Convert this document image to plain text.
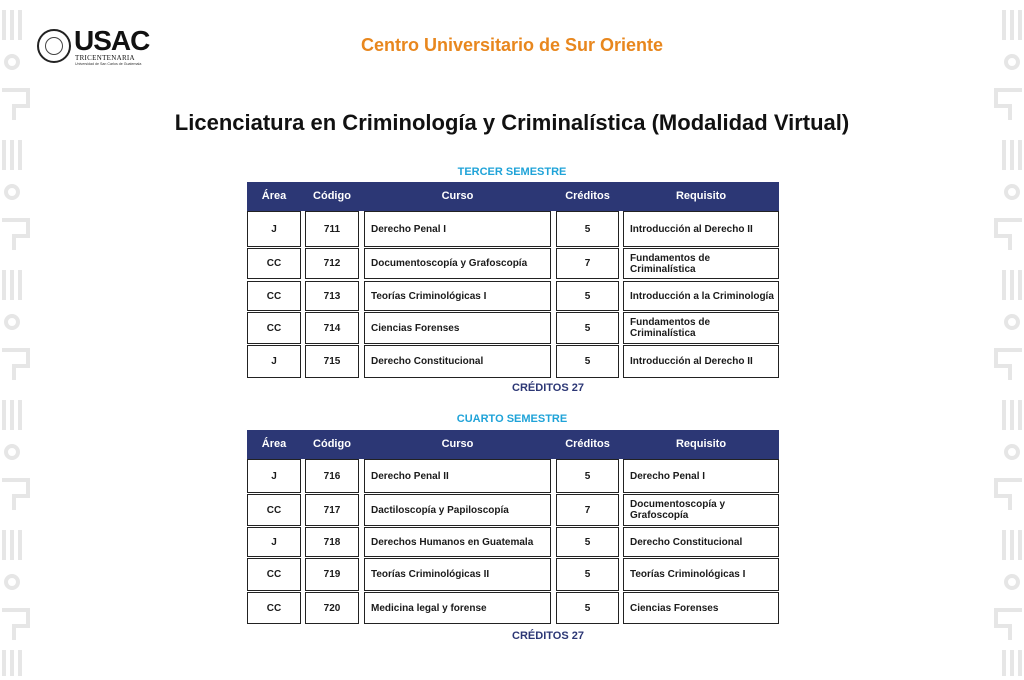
USAC
TRICENTENARIA
Universidad de San Carlos de Guatemala
Centro Universitario de Sur Oriente
Licenciatura en Criminología y Criminalística (Modalidad Virtual)
TERCER SEMESTRE
Área	Código	Curso	Créditos	Requisito
J	711	Derecho Penal I	5	Introducción al Derecho II
CC	712	Documentoscopía y Grafoscopía	7	Fundamentos de Criminalística
CC	713	Teorías Criminológicas I	5	Introducción a la Criminología
CC	714	Ciencias Forenses	5	Fundamentos de Criminalística
J	715	Derecho Constitucional	5	Introducción al Derecho II
CRÉDITOS 27
CUARTO SEMESTRE
Área	Código	Curso	Créditos	Requisito
J	716	Derecho Penal II	5	Derecho Penal I
CC	717	Dactiloscopía y Papiloscopía	7	Documentoscopía y Grafoscopía
J	718	Derechos Humanos en Guatemala	5	Derecho Constitucional
CC	719	Teorías Criminológicas II	5	Teorías Criminológicas I
CC	720	Medicina legal y forense	5	Ciencias Forenses
CRÉDITOS 27
